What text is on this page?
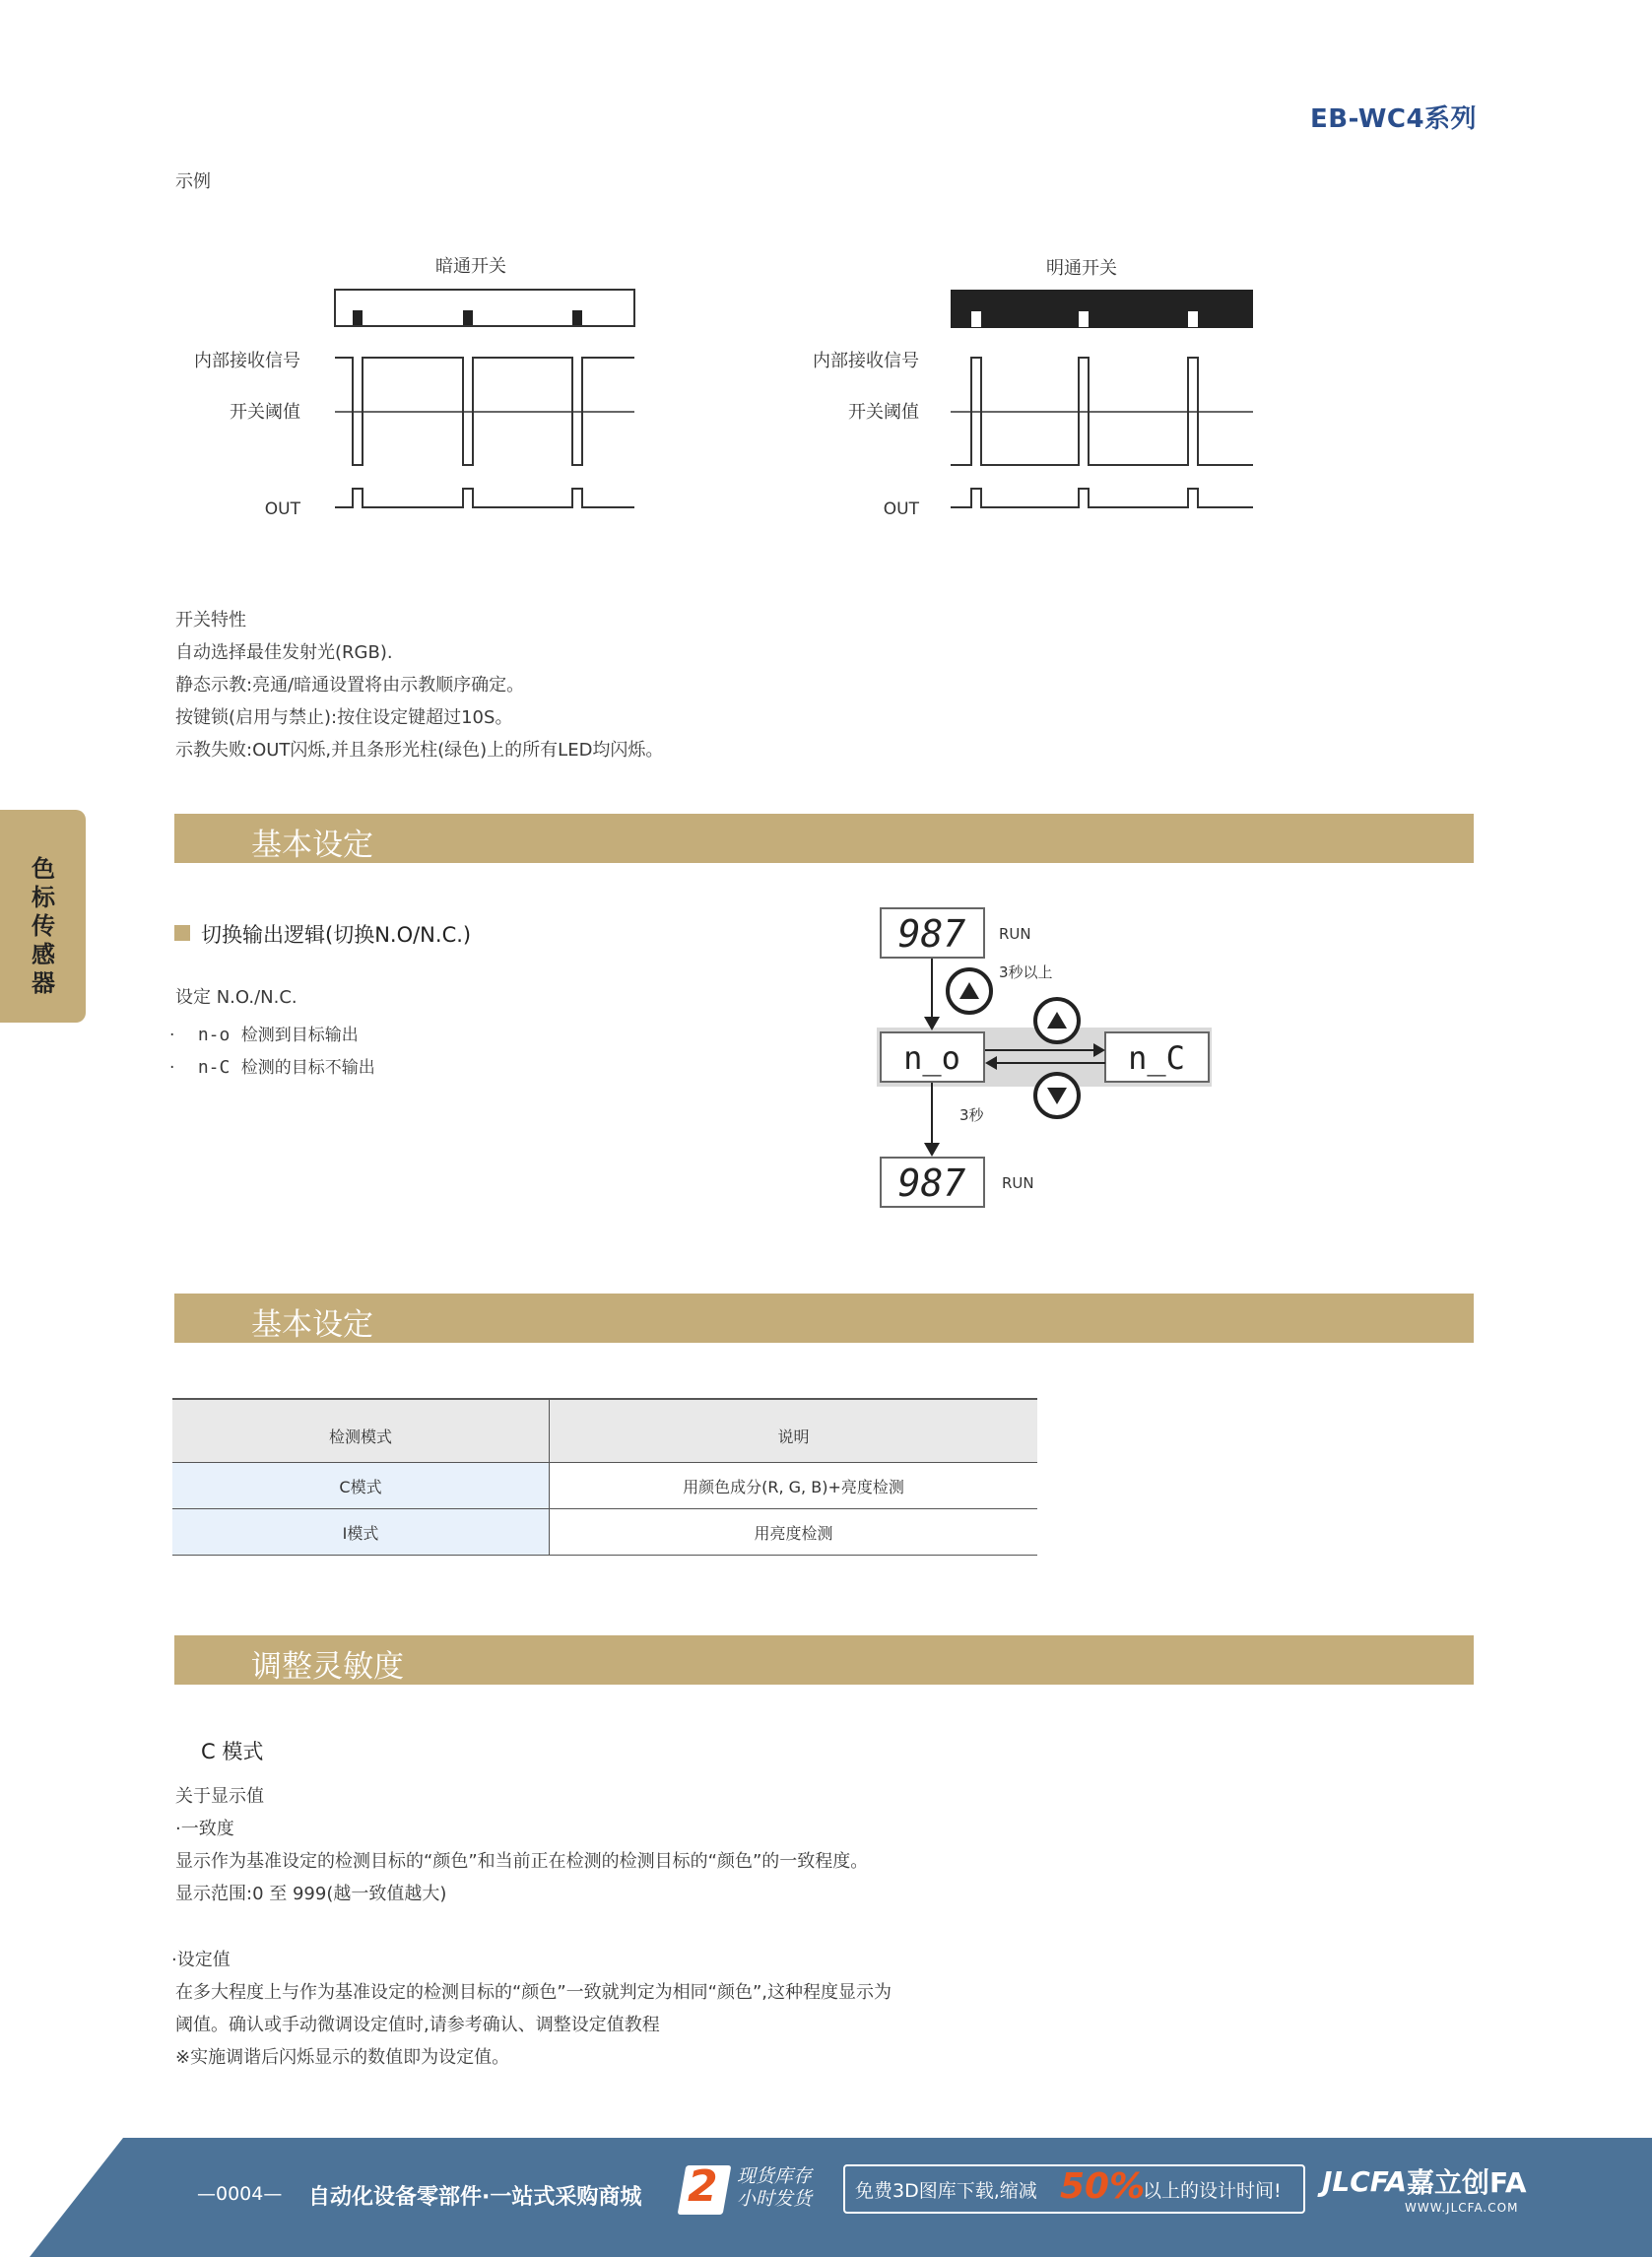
EB-WC4系列
色标传感器
示例
暗通开关
内部接收信号
开关阈值
OUT
明通开关
内部接收信号
开关阈值
OUT
开关特性
自动选择最佳发射光(RGB).
静态示教:亮通/暗通设置将由示教顺序确定。
按键锁(启用与禁止):按住设定键超过10S。
示教失败:OUT闪烁,并且条形光柱(绿色)上的所有LED均闪烁。
基本设定
切换输出逻辑(切换N.O/N.C.)
设定 N.O./N.C.
· n-o 检测到目标输出
· n-C 检测的目标不输出
987 RUN
3秒以上
n_o	n_C
3秒
987 RUN
基本设定
检测模式	说明
C模式	用颜色成分(R, G, B)+亮度检测
I模式	用亮度检测
调整灵敏度
C 模式
关于显示值
·一致度
显示作为基准设定的检测目标的“颜色”和当前正在检测的检测目标的“颜色”的一致程度。
显示范围:0 至 999(越一致值越大)
·设定值
在多大程度上与作为基准设定的检测目标的“颜色”一致就判定为相同“颜色”,这种程度显示为
阈值。确认或手动微调设定值时,请参考确认、调整设定值教程
※实施调谐后闪烁显示的数值即为设定值。
—0004— 自动化设备零部件·一站式采购商城 2 现货库存
小时发货 免费3D图库下载,缩减 50%
以上的设计时间! JLCFA 嘉立创FA
WWW.JLCFA.COM
